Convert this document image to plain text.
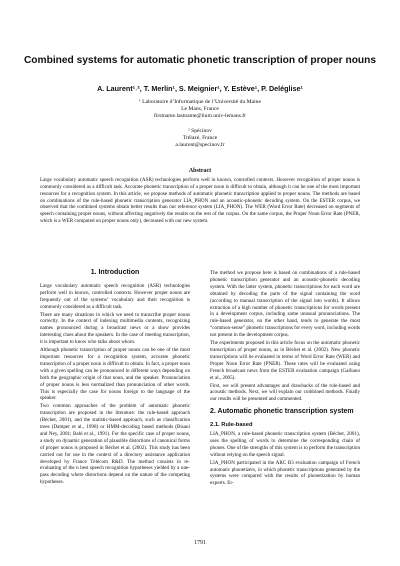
Combined systems for automatic phonetic transcription of proper nouns
A. Laurent¹˒², T. Merlin¹, S. Meignier¹, Y. Estève¹, P. Deléglise¹
¹ Laboratoire d’Informatique de l’Université du Maine
Le Mans, France
firstname.lastname@lium.univ-lemans.fr
² Spécinov
Trélazé, France
a.laurent@specinov.fr
Abstract
Large vocabulary automatic speech recognition (ASR) technologies perform well in known, controlled contexts. However recognition of proper nouns is commonly considered as a difficult task. Accurate phonetic transcription of a proper noun is difficult to obtain, although it can be one of the most important resources for a recognition system. In this article, we propose methods of automatic phonetic transcription applied to proper nouns. The methods are based on combinations of the rule-based phonetic transcription generator LIA_PHON and an acoustic-phonetic decoding system. On the ESTER corpus, we observed that the combined systems obtain better results than our reference system (LIA_PHON). The WER (Word Error Rate) decreased on segments of speech containing proper nouns, without affecting negatively the results on the rest of the corpus. On the same corpus, the Proper Noun Error Rate (PNER, which is a WER computed on proper nouns only), decreased with our new system.
1. Introduction

Large vocabulary automatic speech recognition (ASR) technologies perform well in known, controlled contexts. However proper nouns are frequently out of the systems’ vocabulary and their recognition is commonly considered as a difficult task.

There are many situations in which we need to transcribe proper nouns correctly. In the context of indexing multimedia contents, recognizing names pronounced during a broadcast news or a show provides interesting clues about the speakers. In the case of meeting transcription, it is important to know who talks about whom.

Although phonetic transcription of proper nouns can be one of the most important resources for a recognition system, accurate phonetic transcription of a proper noun is difficult to obtain. In fact, a proper noun with a given spelling can be pronounced in different ways depending on both the geographic origin of that noun, and the speaker. Pronunciation of proper nouns is less normalized than pronunciation of other words. This is especially the case for nouns foreign to the language of the speaker.

Two common approaches of the problem of automatic phonetic transcription are proposed in the literature: the rule-based approach (Béchet, 2001), and the statistic-based approach, such as classification trees (Damper et al., 1998) or HMM-decoding based methods (Bisani and Ney, 2001; Bahl et al., 1991). For the specific case of proper nouns, a study on dynamic generation of plausible distortions of canonical forms of proper nouns is proposed in Béchet et al. (2002). This study has been carried out for use in the context of a directory assistance application developed by France Télécom R&D. The method consists in re-evaluating of the n best speech recognition hypotheses yielded by a one-pass decoding where distortions depend on the nature of the competing hypotheses.

The method we propose here is based on combinations of a rule-based phonetic transcription generator and an acoustic-phonetic decoding system. With the latter system, phonetic transcriptions for each word are obtained by decoding the parts of the signal containing the word (according to manual transcription of the signal into words). It allows extraction of a high number of phonetic transcriptions for words present in a development corpus, including some unusual pronunciations. The rule-based generator, on the other hand, tends to generate the most “common-sense” phonetic transcriptions for every word, including words not present in the development corpus.

The experiments proposed in this article focus on the automatic phonetic transcription of proper nouns, as in Béchet et al. (2002). New phonetic transcriptions will be evaluated in terms of Word Error Rate (WER) and Proper Noun Error Rate (PNER). These rates will be evaluated using French broadcast news from the ESTER evaluation campaign (Galliano et al., 2005).

First, we will present advantages and drawbacks of the rule-based and acoustic methods. Next, we will explain our combined methods. Finally our results will be presented and commented.

2. Automatic phonetic transcription system
2.1. Rule-based

LIA_PHON, a rule-based phonetic transcription system (Béchet, 2001), uses the spelling of words to determine the corresponding chain of phones. One of the strengths of this system is to perform the transcription without relying on the speech signal.

LIA_PHON participated in the ARC B3 evaluation campaign of French automatic phonetizers, in which phonetic transcriptions generated by the systems were compared with the results of phonetization by human experts. Er-

1791
